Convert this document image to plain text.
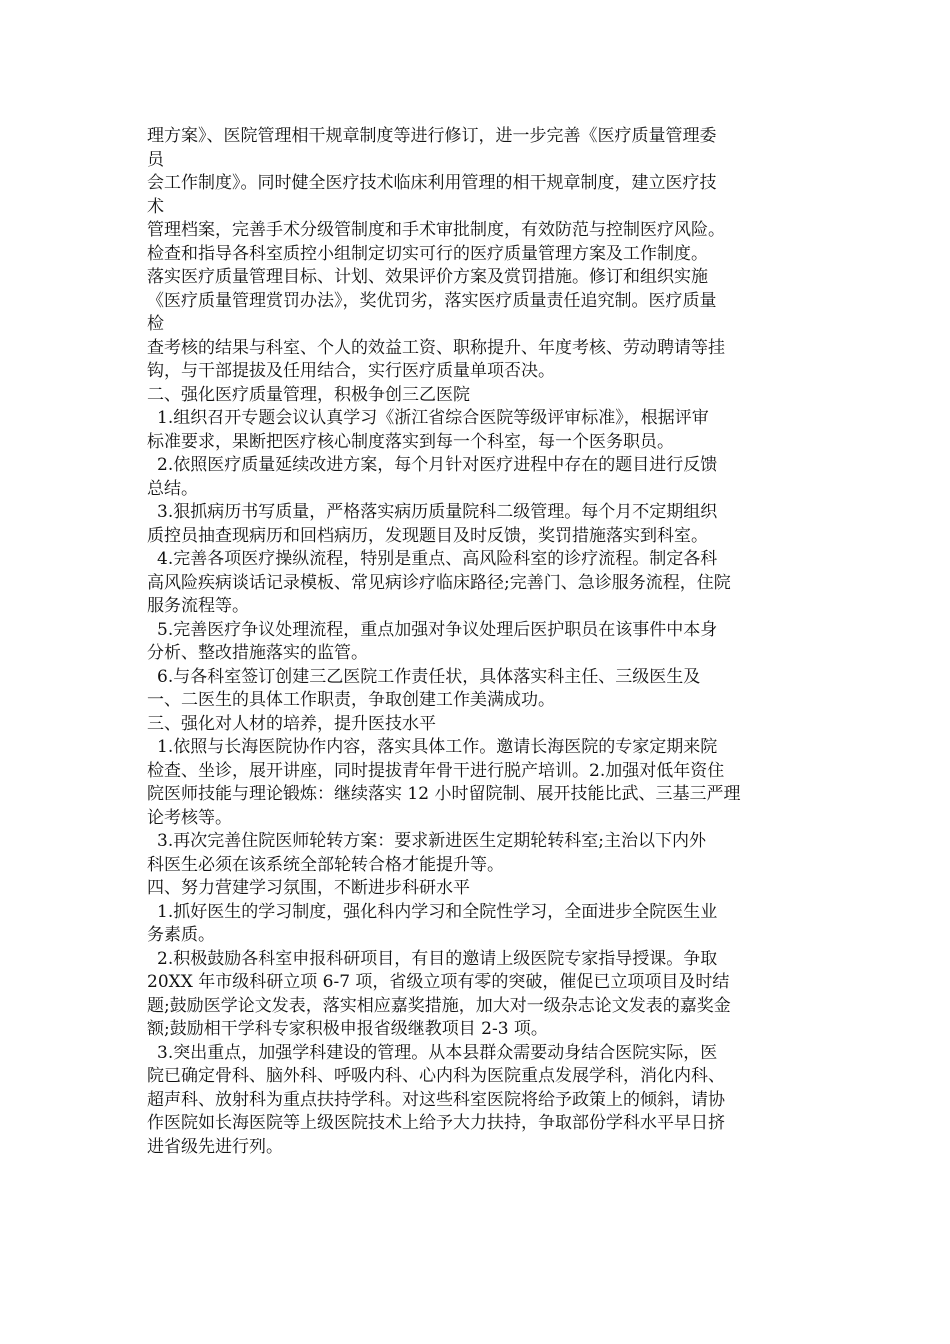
理方案》、医院管理相干规章制度等进行修订，进一步完善《医疗质量管理委
员
会工作制度》。同时健全医疗技术临床利用管理的相干规章制度，建立医疗技
术
管理档案，完善手术分级管制度和手术审批制度，有效防范与控制医疗风险。
检查和指导各科室质控小组制定切实可行的医疗质量管理方案及工作制度。
落实医疗质量管理目标、计划、效果评价方案及赏罚措施。修订和组织实施
《医疗质量管理赏罚办法》，奖优罚劣，落实医疗质量责任追究制。医疗质量
检
查考核的结果与科室、个人的效益工资、职称提升、年度考核、劳动聘请等挂
钩，与干部提拔及任用结合，实行医疗质量单项否决。
二、强化医疗质量管理，积极争创三乙医院
1.组织召开专题会议认真学习《浙江省综合医院等级评审标准》，根据评审
标准要求，果断把医疗核心制度落实到每一个科室，每一个医务职员。
2.依照医疗质量延续改进方案，每个月针对医疗进程中存在的题目进行反馈
总结。
3.狠抓病历书写质量，严格落实病历质量院科二级管理。每个月不定期组织
质控员抽查现病历和回档病历，发现题目及时反馈，奖罚措施落实到科室。
4.完善各项医疗操纵流程，特别是重点、高风险科室的诊疗流程。制定各科
高风险疾病谈话记录模板、常见病诊疗临床路径;完善门、急诊服务流程，住院
服务流程等。
5.完善医疗争议处理流程，重点加强对争议处理后医护职员在该事件中本身
分析、整改措施落实的监管。
6.与各科室签订创建三乙医院工作责任状，具体落实科主任、三级医生及
一、二医生的具体工作职责，争取创建工作美满成功。
三、强化对人材的培养，提升医技水平
1.依照与长海医院协作内容，落实具体工作。邀请长海医院的专家定期来院
检查、坐诊，展开讲座，同时提拔青年骨干进行脱产培训。2.加强对低年资住
院医师技能与理论锻炼：继续落实 12 小时留院制、展开技能比武、三基三严理
论考核等。
3.再次完善住院医师轮转方案：要求新进医生定期轮转科室;主治以下内外
科医生必须在该系统全部轮转合格才能提升等。
四、努力营建学习氛围，不断进步科研水平
1.抓好医生的学习制度，强化科内学习和全院性学习，全面进步全院医生业
务素质。
2.积极鼓励各科室申报科研项目，有目的邀请上级医院专家指导授课。争取
20XX 年市级科研立项 6-7 项，省级立项有零的突破，催促已立项项目及时结
题;鼓励医学论文发表，落实相应嘉奖措施，加大对一级杂志论文发表的嘉奖金
额;鼓励相干学科专家积极申报省级继教项目 2-3 项。
3.突出重点，加强学科建设的管理。从本县群众需要动身结合医院实际，医
院已确定骨科、脑外科、呼吸内科、心内科为医院重点发展学科，消化内科、
超声科、放射科为重点扶持学科。对这些科室医院将给予政策上的倾斜，请协
作医院如长海医院等上级医院技术上给予大力扶持，争取部份学科水平早日挤
进省级先进行列。
